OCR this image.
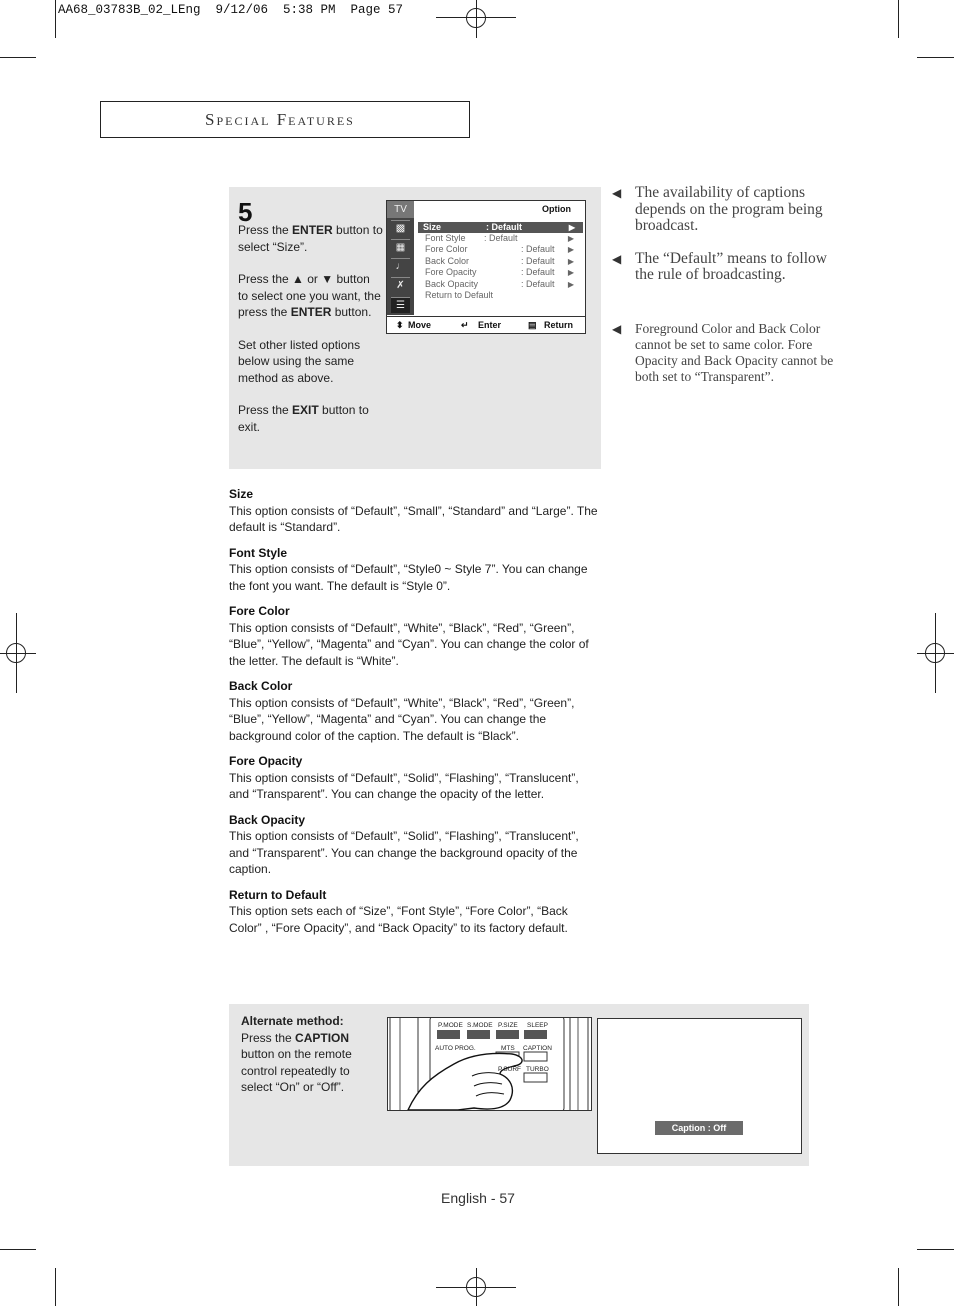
AA68_03783B_02_LEng  9/12/06  5:38 PM  Page 57
Special Features
5

Press the ENTER button to select “Size”.

Press the ▲ or ▼ button to select one you want, the press the ENTER button.

Set other listed options below using the same method as above.

Press the EXIT button to exit.

TV
▩
▦
♩
✗
☰
Option
Size	: Default	▶
Font Style : Default	▶
Fore Color	: Default ▶
Back Color	: Default ▶
Fore Opacity	: Default ▶
Back Opacity	: Default ▶
Return to Default
⬍ Move	↵ Enter	▤ Return
◀ The availability of captions depends on the program being broadcast.
◀ The “Default” means to follow the rule of broadcasting.
◀ Foreground Color and Back Color cannot be set to same color. Fore Opacity and Back Opacity cannot be both set to “Transparent”.
Size
This option consists of “Default”, “Small”, “Standard” and “Large”. The default is “Standard”.
Font Style
This option consists of “Default”, “Style0 ~ Style 7”. You can change the font you want. The default is “Style 0”.
Fore Color
This option consists of “Default”, “White”, “Black”, “Red”, “Green”, “Blue”, “Yellow”, “Magenta” and “Cyan”. You can change the color of the letter. The default is “White”.
Back Color
This option consists of “Default”, “White”, “Black”, “Red”, “Green”, “Blue”, “Yellow”, “Magenta” and “Cyan”. You can change the background color of the caption. The default is “Black”.
Fore Opacity
This option consists of “Default”, “Solid”, “Flashing”, “Translucent”, and “Transparent”. You can change the opacity of the letter.
Back Opacity
This option consists of “Default”, “Solid”, “Flashing”, “Translucent”, and “Transparent”. You can change the background opacity of the caption.
Return to Default
This option sets each of “Size”, “Font Style”, “Fore Color”, “Back Color” , “Fore Opacity”, and “Back Opacity” to its factory default.
Alternate method:
Press the CAPTION button on the remote control repeatedly to select “On” or “Off”.
P.MODE S.MODE P.SIZE SLEEP
AUTO PROG.	MTS CAPTION
P.SURF TURBO
Caption : Off
English - 57
